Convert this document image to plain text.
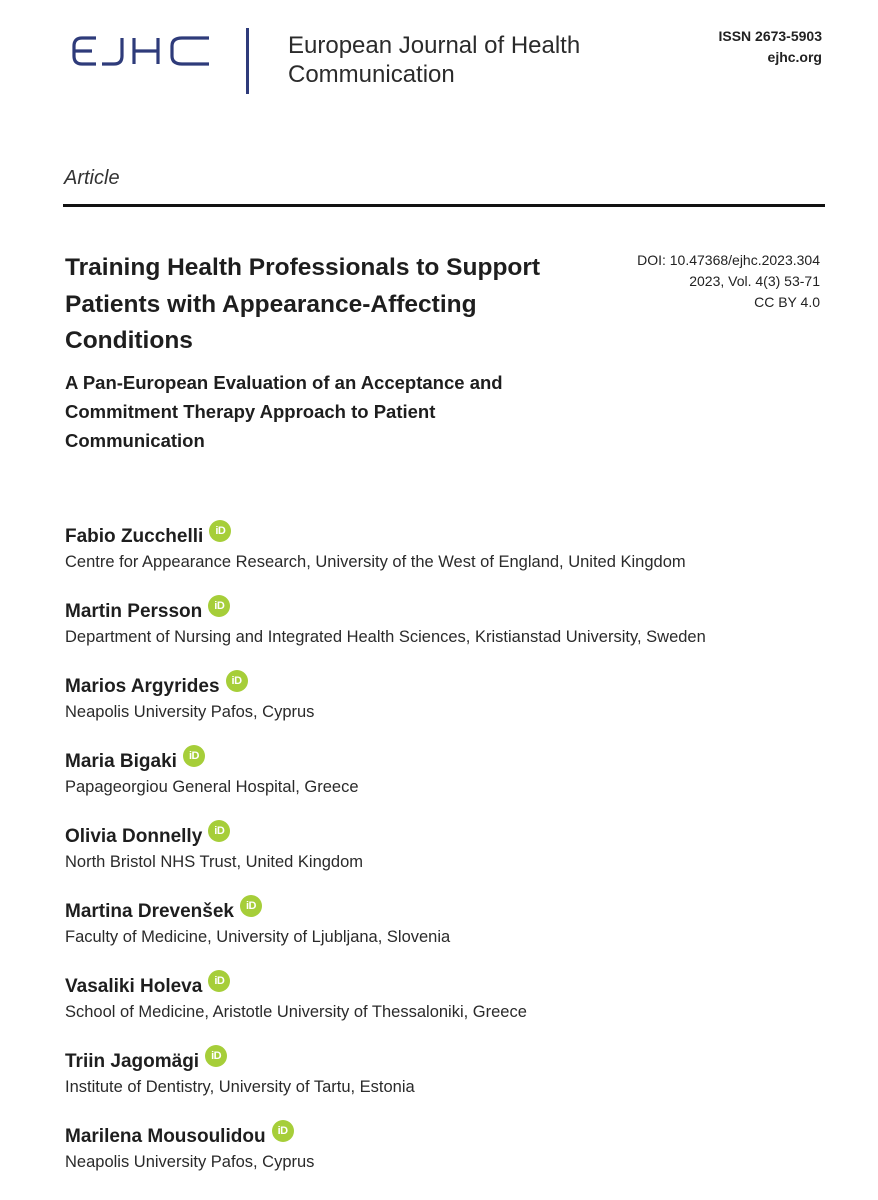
European Journal of Health Communication
ISSN 2673-5903
ejhc.org
Article
Training Health Professionals to Support Patients with Appearance-Affecting Conditions
A Pan-European Evaluation of an Acceptance and Commitment Therapy Approach to Patient Communication
DOI: 10.47368/ejhc.2023.304
2023, Vol. 4(3) 53-71
CC BY 4.0
Fabio Zucchelli	iD
Centre for Appearance Research, University of the West of England, United Kingdom
Martin Persson	iD
Department of Nursing and Integrated Health Sciences, Kristianstad University, Sweden
Marios Argyrides	iD
Neapolis University Pafos, Cyprus
Maria Bigaki	iD
Papageorgiou General Hospital, Greece
Olivia Donnelly	iD
North Bristol NHS Trust, United Kingdom
Martina Drevenšek	iD
Faculty of Medicine, University of Ljubljana, Slovenia
Vasaliki Holeva	iD
School of Medicine, Aristotle University of Thessaloniki, Greece
Triin Jagomägi	iD
Institute of Dentistry, University of Tartu, Estonia
Marilena Mousoulidou	iD
Neapolis University Pafos, Cyprus
